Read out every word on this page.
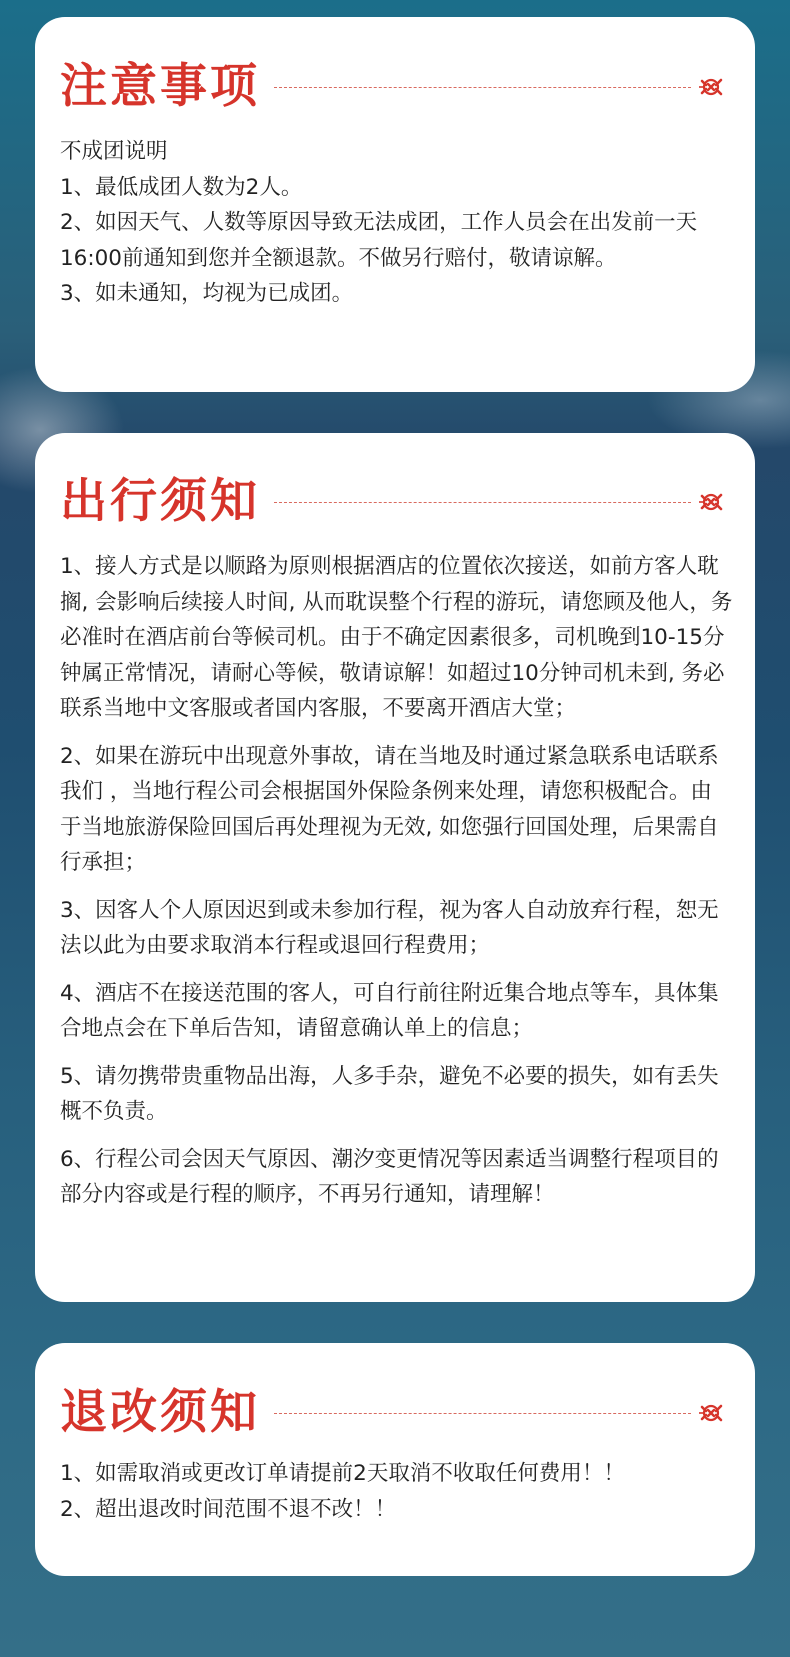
注意事项

不成团说明

1、最低成团人数为2人。

2、如因天气、人数等原因导致无法成团，工作人员会在出发前一天16:00前通知到您并全额退款。不做另行赔付，敬请谅解。

3、如未通知，均视为已成团。

出行须知

1、接人方式是以顺路为原则根据酒店的位置依次接送，如前方客人耽搁, 会影响后续接人时间, 从而耽误整个行程的游玩，请您顾及他人，务必准时在酒店前台等候司机。由于不确定因素很多，司机晚到10-15分钟属正常情况，请耐心等候，敬请谅解！如超过10分钟司机未到, 务必联系当地中文客服或者国内客服，不要离开酒店大堂；

2、如果在游玩中出现意外事故，请在当地及时通过紧急联系电话联系我们 ，当地行程公司会根据国外保险条例来处理，请您积极配合。由于当地旅游保险回国后再处理视为无效, 如您强行回国处理，后果需自行承担；

3、因客人个人原因迟到或未参加行程，视为客人自动放弃行程，恕无法以此为由要求取消本行程或退回行程费用；

4、酒店不在接送范围的客人，可自行前往附近集合地点等车，具体集合地点会在下单后告知，请留意确认单上的信息；

5、请勿携带贵重物品出海，人多手杂，避免不必要的损失，如有丢失概不负责。

6、行程公司会因天气原因、潮汐变更情况等因素适当调整行程项目的部分内容或是行程的顺序，不再另行通知，请理解！

退改须知

1、如需取消或更改订单请提前2天取消不收取任何费用！！

2、超出退改时间范围不退不改！！
